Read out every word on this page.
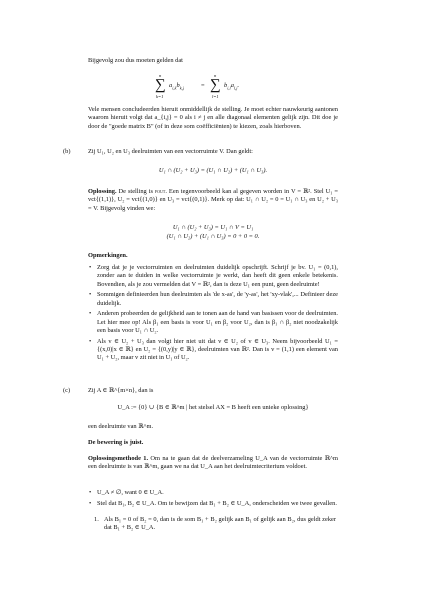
Bijgevolg zou dus moeten gelden dat
n
∑
k=1
$a_{i,k}b_{k,j}$	=
n
∑
l=1
$b_{i,l}a_{l,j}$.
Vele mensen concludeerden hieruit onmiddellijk de stelling. Je moet echter nauwkeurig aantonen waarom hieruit volgt dat a_{i,j} = 0 als i ≠ j en alle diagonaal elementen gelijk zijn. Dit doe je door de "goede matrix B" (of in deze som coëfficiënten) te kiezen, zoals hierboven.
(b)	Zij U₁, U₂ en U₃ deelruimten van een vectorruimte V. Dan geldt:
U₁ ∩ (U₂ + U₃) = (U₁ ∩ U₂) + (U₁ ∩ U₃).
Oplossing. De stelling is fout. Een tegenvoorbeeld kan al gegeven worden in V = ℝ². Stel U₁ = vct{(1,1)}, U₂ = vct{(1,0)} en U₃ = vct{(0,1)}. Merk op dat: U₁ ∩ U₂ = 0 = U₁ ∩ U₃ en U₂ + U₃ = V. Bijgevolg vinden we:
U₁ ∩ (U₂ + U₃) = U₁ ∩ V = U₁
(U₁ ∩ U₂) + (U₁ ∩ U₃) = 0 + 0 = 0.
Opmerkingen.
• Zorg dat je je vectorruimten en deelruimten duidelijk opschrijft. Schrijf je bv. U₁ = (0,1), zonder aan te duiden in welke vectorruimte je werkt, dan heeft dit geen enkele betekenis. Bovendien, als je zou vermelden dat V = ℝ², dan is deze U₁ een punt, geen deelruimte!
• Sommigen definieerden hun deelruimten als 'de x-as', de 'y-as', het 'xy-vlak',... Definieer deze duidelijk.
• Anderen probeerden de gelijkheid aan te tonen aan de hand van basissen voor de deelruimten. Let hier mee op! Als β₁ een basis is voor U₁ en β₂ voor U₂, dan is β₁ ∩ β₂ niet noodzakelijk een basis voor U₁ ∩ U₂.
• Als v ∈ U₂ + U₃ dan volgt hier niet uit dat v ∈ U₂ of v ∈ U₃. Neem bijvoorbeeld U₁ = {(x,0)|x ∈ ℝ} en U₂ = {(0,y)|y ∈ ℝ}, deelruimten van ℝ². Dan is v = (1,1) een element van U₁ + U₂, maar v zit niet in U₁ of U₂.
(c)	Zij A ∈ ℝ^{m×n}, dan is
U_A := {0} ∪ {B ∈ ℝ^m | het stelsel AX = B heeft een unieke oplossing}
een deelruimte van ℝ^m.
De bewering is juist.
Oplossingsmethode 1. Om na te gaan dat de deelverzameling U_A van de vectorruimte ℝ^m een deelruimte is van ℝ^m, gaan we na dat U_A aan het deelruimtecriterium voldoet.
• U_A ≠ ∅, want 0 ∈ U_A.
• Stel dat B₁, B₂ ∈ U_A. Om te bewijzen dat B₁ + B₂ ∈ U_A, onderscheiden we twee gevallen.
1. Als B₁ = 0 of B₂ = 0, dan is de som B₁ + B₂ gelijk aan B₁ of gelijk aan B₂, dus geldt zeker dat B₁ + B₂ ∈ U_A.
